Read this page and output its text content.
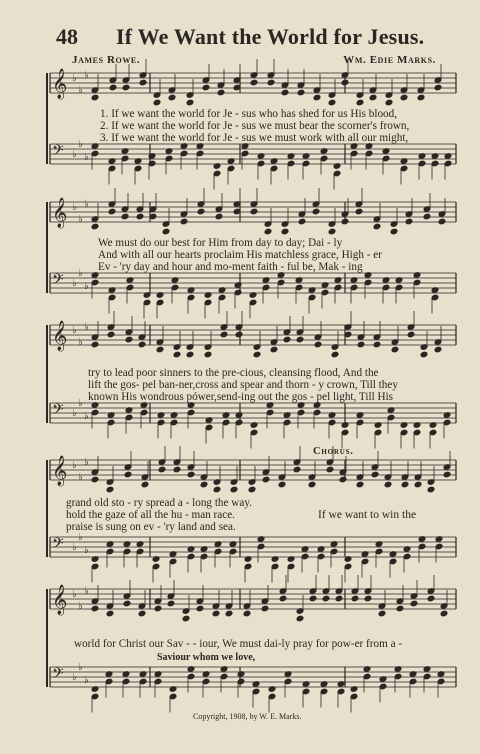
48 If We Want the World for Jesus.
James Rowe.	Wm. Edie Marks.
𝄞 ♭
♭
♭
𝄢 ♭
♭
♭
𝄞 ♭
♭
♭
𝄢 ♭
♭
♭
𝄞 ♭
♭
♭
𝄢 ♭
♭
♭
𝄞 ♭
♭
♭
𝄢 ♭
♭
♭
𝄞 ♭
♭
♭
𝄢 ♭
♭
♭
1. If we want the world for Je - sus who has shed for us His blood,
2. If we want the world for Je - sus we must bear the scorner's frown,
3. If we want the world for Je - sus we must work with all our might,
We must do our best for Him from day to day; Dai - ly
And with all our hearts proclaim His matchless grace, High - er
Ev - 'ry day and hour and mo-ment faith - ful be, Mak - ing
try to lead poor sinners to the pre-cious, cleansing flood, And the
lift the gos- pel ban-ner,cross and spear and thorn - y crown, Till they
known His wondrous pówer,send-ing out the gos - pel light, Till His
Chorus.
grand old sto - ry spread a - long the way.
hold the gaze of all the hu - man race.
praise is sung on ev - 'ry land and sea.
If we want to win the
world for Christ our Sav - - iour, We must dai-ly pray for pow-er from a -
Saviour whom we love,
Copyright, 1908, by W. E. Marks.
